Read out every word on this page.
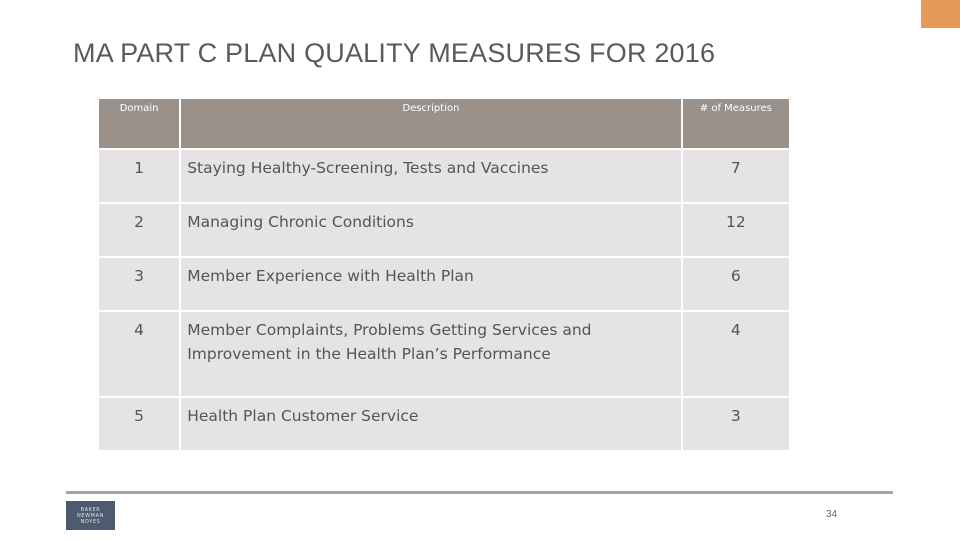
MA PART C PLAN QUALITY MEASURES FOR 2016
Domain	Description	# of Measures
1	Staying Healthy-Screening, Tests and Vaccines	7
2	Managing Chronic Conditions	12
3	Member Experience with Health Plan	6
4	Member Complaints, Problems Getting Services and Improvement in the Health Plan’s Performance	4
5	Health Plan Customer Service	3
BAKER
NEWMAN
NOYES
34
